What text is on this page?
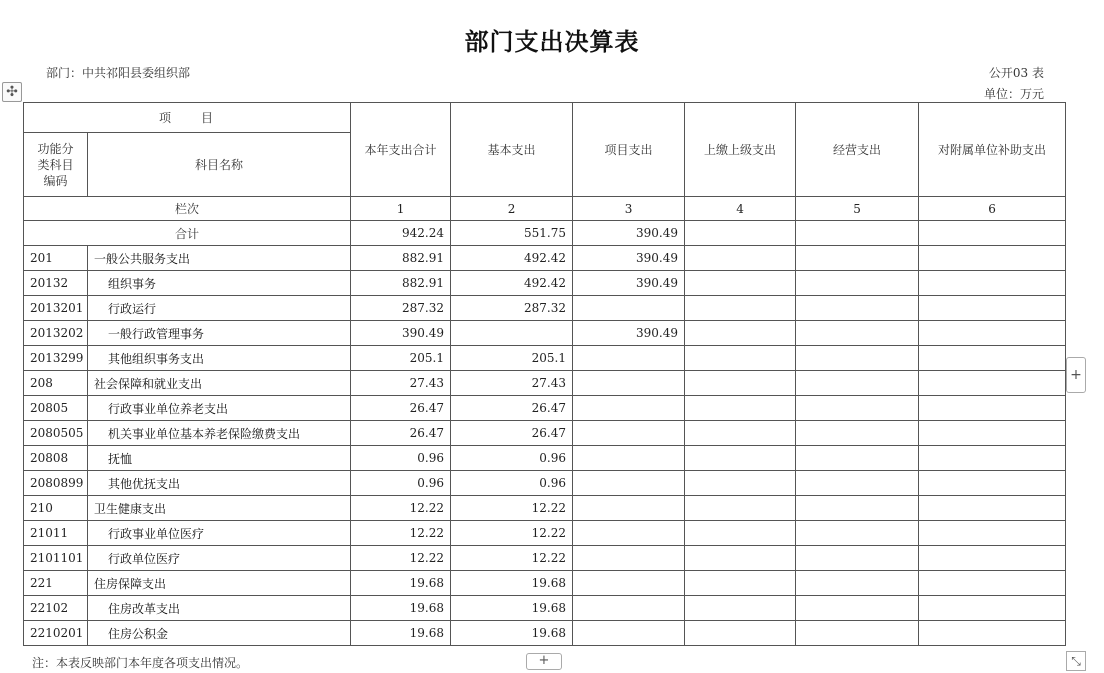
部门支出决算表
部门：中共祁阳县委组织部	公开03 表
单位：万元
✣
项　　目		本年支出合计	基本支出	项目支出	上缴上级支出	经营支出	对附属单位补助支出

功能分
类科目
编码	科目名称						
栏次		1	2	3	4	5	6
合计		942.24	551.75	390.49			
201	一般公共服务支出	882.91	492.42	390.49			
20132	组织事务	882.91	492.42	390.49			
2013201	行政运行	287.32	287.32				
2013202	一般行政管理事务	390.49		390.49			
2013299	其他组织事务支出	205.1	205.1				
208	社会保障和就业支出	27.43	27.43				
20805	行政事业单位养老支出	26.47	26.47				
2080505	机关事业单位基本养老保险缴费支出	26.47	26.47				
20808	抚恤	0.96	0.96				
2080899	其他优抚支出	0.96	0.96				
210	卫生健康支出	12.22	12.22				
21011	行政事业单位医疗	12.22	12.22				
2101101	行政单位医疗	12.22	12.22				
221	住房保障支出	19.68	19.68				
22102	住房改革支出	19.68	19.68				
2210201	住房公积金	19.68	19.68				
+
注：本表反映部门本年度各项支出情况。	+	⤡
